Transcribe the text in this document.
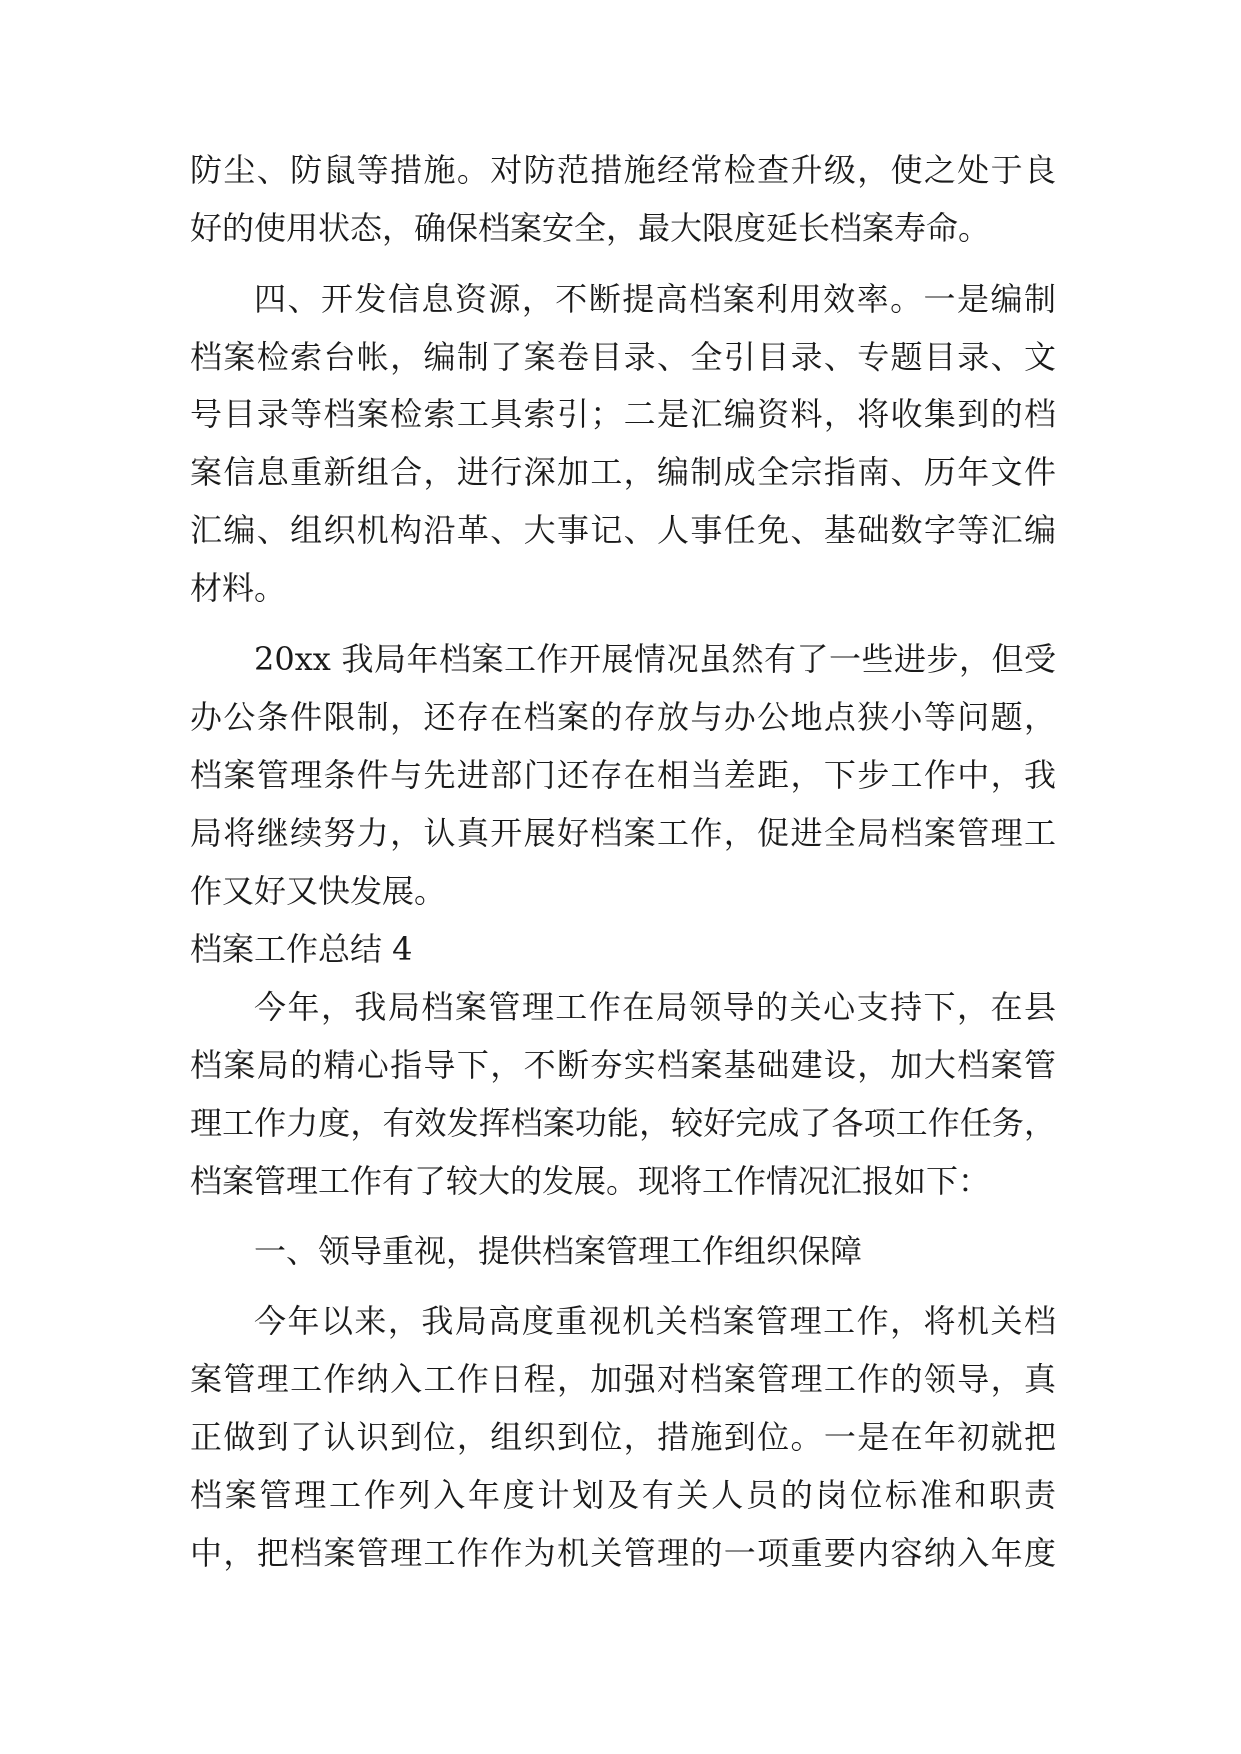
防尘、防鼠等措施。对防范措施经常检查升级，使之处于良
好的使用状态，确保档案安全，最大限度延长档案寿命。
四、开发信息资源，不断提高档案利用效率。一是编制
档案检索台帐，编制了案卷目录、全引目录、专题目录、文
号目录等档案检索工具索引；二是汇编资料，将收集到的档
案信息重新组合，进行深加工，编制成全宗指南、历年文件
汇编、组织机构沿革、大事记、人事任免、基础数字等汇编
材料。
20xx 我局年档案工作开展情况虽然有了一些进步，但受
办公条件限制，还存在档案的存放与办公地点狭小等问题，
档案管理条件与先进部门还存在相当差距，下步工作中，我
局将继续努力，认真开展好档案工作，促进全局档案管理工
作又好又快发展。
档案工作总结 4
今年，我局档案管理工作在局领导的关心支持下，在县
档案局的精心指导下，不断夯实档案基础建设，加大档案管
理工作力度，有效发挥档案功能，较好完成了各项工作任务，
档案管理工作有了较大的发展。现将工作情况汇报如下：
一、领导重视，提供档案管理工作组织保障
今年以来，我局高度重视机关档案管理工作，将机关档
案管理工作纳入工作日程，加强对档案管理工作的领导，真
正做到了认识到位，组织到位，措施到位。一是在年初就把
档案管理工作列入年度计划及有关人员的岗位标准和职责
中，把档案管理工作作为机关管理的一项重要内容纳入年度
